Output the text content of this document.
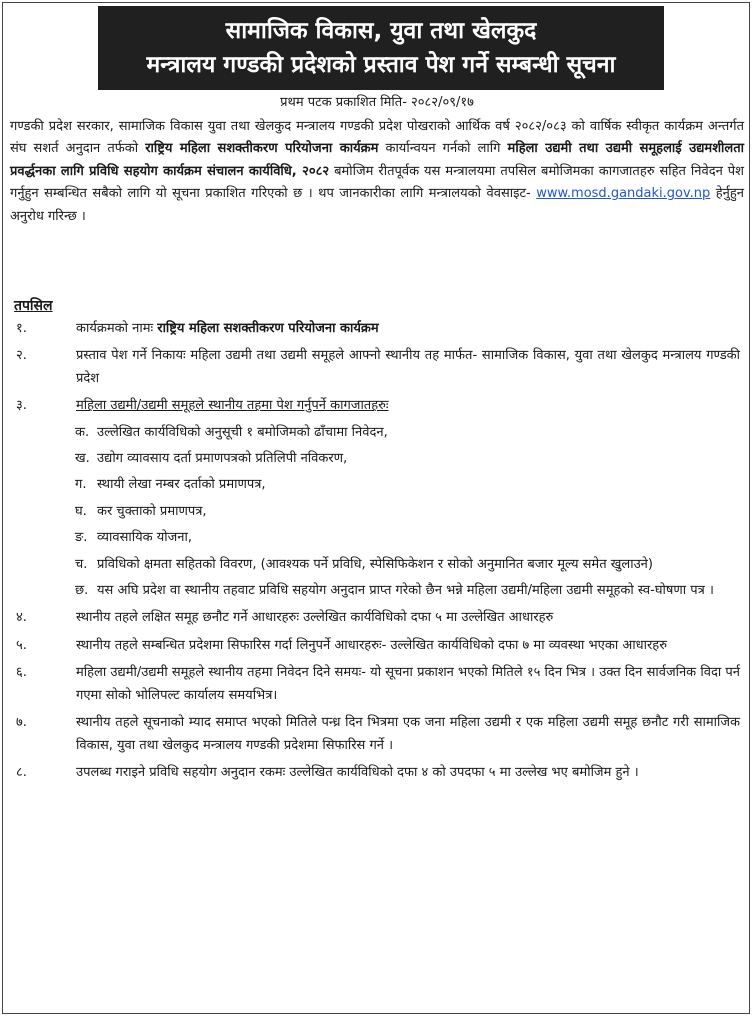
सामाजिक विकास, युवा तथा खेलकुद
मन्त्रालय गण्डकी प्रदेशको प्रस्ताव पेश गर्ने सम्बन्धी सूचना
प्रथम पटक प्रकाशित मिति- २०८२/०९/१७
गण्डकी प्रदेश सरकार, सामाजिक विकास युवा तथा खेलकुद मन्त्रालय गण्डकी प्रदेश पोखराको आर्थिक वर्ष २०८२/०८३ को वार्षिक स्वीकृत कार्यक्रम अन्तर्गत संघ सशर्त अनुदान तर्फको राष्ट्रिय महिला सशक्तीकरण परियोजना कार्यक्रम कार्यान्वयन गर्नको लागि महिला उद्यमी तथा उद्यमी समूहलाई उद्यमशीलता प्रवर्द्धनका लागि प्रविधि सहयोग कार्यक्रम संचालन कार्यविधि, २०८२ बमोजिम रीतपूर्वक यस मन्त्रालयमा तपसिल बमोजिमका कागजातहरु सहित निवेदन पेश गर्नुहुन सम्बन्धित सबैको लागि यो सूचना प्रकाशित गरिएको छ । थप जानकारीका लागि मन्त्रालयको वेवसाइट- www.mosd.gandaki.gov.np हेर्नुहुन अनुरोध गरिन्छ ।
तपसिल
१.	कार्यक्रमको नामः राष्ट्रिय महिला सशक्तीकरण परियोजना कार्यक्रम
२.	प्रस्ताव पेश गर्ने निकायः महिला उद्यमी तथा उद्यमी समूहले आफ्नो स्थानीय तह मार्फत- सामाजिक विकास, युवा तथा खेलकुद मन्त्रालय गण्डकी प्रदेश
३.	महिला उद्यमी/उद्यमी समूहले स्थानीय तहमा पेश गर्नुपर्ने कागजातहरुः
क. उल्लेखित कार्यविधिको अनुसूची १ बमोजिमको ढाँचामा निवेदन,
ख. उद्योग व्यावसाय दर्ता प्रमाणपत्रको प्रतिलिपी नविकरण,
ग. स्थायी लेखा नम्बर दर्ताको प्रमाणपत्र,
घ. कर चुक्ताको प्रमाणपत्र,
ङ. व्यावसायिक योजना,
च. प्रविधिको क्षमता सहितको विवरण, (आवश्यक पर्ने प्रविधि, स्पेसिफिकेशन र सोको अनुमानित बजार मूल्य समेत खुलाउने)
छ. यस अघि प्रदेश वा स्थानीय तहवाट प्रविधि सहयोग अनुदान प्राप्त गरेको छैन भन्ने महिला उद्यमी/महिला उद्यमी समूहको स्व-घोषणा पत्र ।
४.	स्थानीय तहले लक्षित समूह छनौट गर्ने आधारहरुः उल्लेखित कार्यविधिको दफा ५ मा उल्लेखित आधारहरु
५.	स्थानीय तहले सम्बन्धित प्रदेशमा सिफारिस गर्दा लिनुपर्ने आधारहरुः- उल्लेखित कार्यविधिको दफा ७ मा व्यवस्था भएका आधारहरु
६.	महिला उद्यमी/उद्यमी समूहले स्थानीय तहमा निवेदन दिने समयः- यो सूचना प्रकाशन भएको मितिले १५ दिन भित्र । उक्त दिन सार्वजनिक विदा पर्न गएमा सोको भोलिपल्ट कार्यालय समयभित्र।
७.	स्थानीय तहले सूचनाको म्याद समाप्त भएको मितिले पन्ध्र दिन भित्रमा एक जना महिला उद्यमी र एक महिला उद्यमी समूह छनौट गरी सामाजिक विकास, युवा तथा खेलकुद मन्त्रालय गण्डकी प्रदेशमा सिफारिस गर्ने ।
८.	उपलब्ध गराइने प्रविधि सहयोग अनुदान रकमः उल्लेखित कार्यविधिको दफा ४ को उपदफा ५ मा उल्लेख भए बमोजिम हुने ।
